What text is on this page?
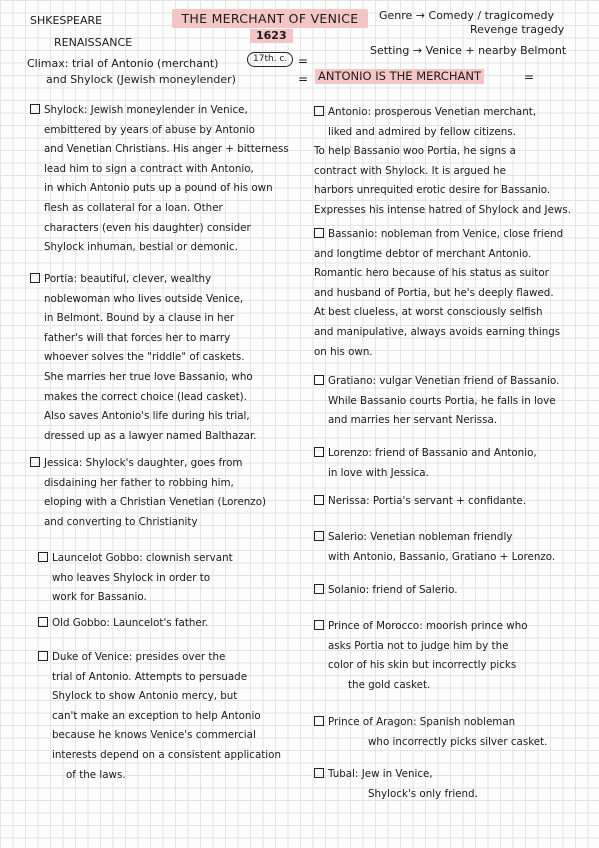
SHKESPEARE
RENAISSANCE
Climax: trial of Antonio (merchant)
and Shylock (Jewish moneylender)
THE MERCHANT OF VENICE
1623
17th. c. =
=
Genre → Comedy / tragicomedy
Revenge tragedy
Setting → Venice + nearby Belmont
ANTONIO IS THE MERCHANT	=
Shylock: Jewish moneylender in Venice,
embittered by years of abuse by Antonio
and Venetian Christians. His anger + bitterness
lead him to sign a contract with Antonio,
in which Antonio puts up a pound of his own
flesh as collateral for a loan. Other
characters (even his daughter) consider
Shylock inhuman, bestial or demonic.
Portia: beautiful, clever, wealthy
noblewoman who lives outside Venice,
in Belmont. Bound by a clause in her
father's will that forces her to marry
whoever solves the "riddle" of caskets.
She marries her true love Bassanio, who
makes the correct choice (lead casket).
Also saves Antonio's life during his trial,
dressed up as a lawyer named Balthazar.
Jessica: Shylock's daughter, goes from
disdaining her father to robbing him,
eloping with a Christian Venetian (Lorenzo)
and converting to Christianity
Launcelot Gobbo: clownish servant
who leaves Shylock in order to
work for Bassanio.
Old Gobbo: Launcelot's father.
Duke of Venice: presides over the
trial of Antonio. Attempts to persuade
Shylock to show Antonio mercy, but
can't make an exception to help Antonio
because he knows Venice's commercial
interests depend on a consistent application
of the laws.
Antonio: prosperous Venetian merchant,
liked and admired by fellow citizens.
To help Bassanio woo Portia, he signs a
contract with Shylock. It is argued he
harbors unrequited erotic desire for Bassanio.
Expresses his intense hatred of Shylock and Jews.
Bassanio: nobleman from Venice, close friend
and longtime debtor of merchant Antonio.
Romantic hero because of his status as suitor
and husband of Portia, but he's deeply flawed.
At best clueless, at worst consciously selfish
and manipulative, always avoids earning things
on his own.
Gratiano: vulgar Venetian friend of Bassanio.
While Bassanio courts Portia, he falls in love
and marries her servant Nerissa.
Lorenzo: friend of Bassanio and Antonio,
in love with Jessica.
Nerissa: Portia's servant + confidante.
Salerio: Venetian nobleman friendly
with Antonio, Bassanio, Gratiano + Lorenzo.
Solanio: friend of Salerio.
Prince of Morocco: moorish prince who
asks Portia not to judge him by the
color of his skin but incorrectly picks
the gold casket.
Prince of Aragon: Spanish nobleman
who incorrectly picks silver casket.
Tubal: Jew in Venice,
Shylock's only friend.
